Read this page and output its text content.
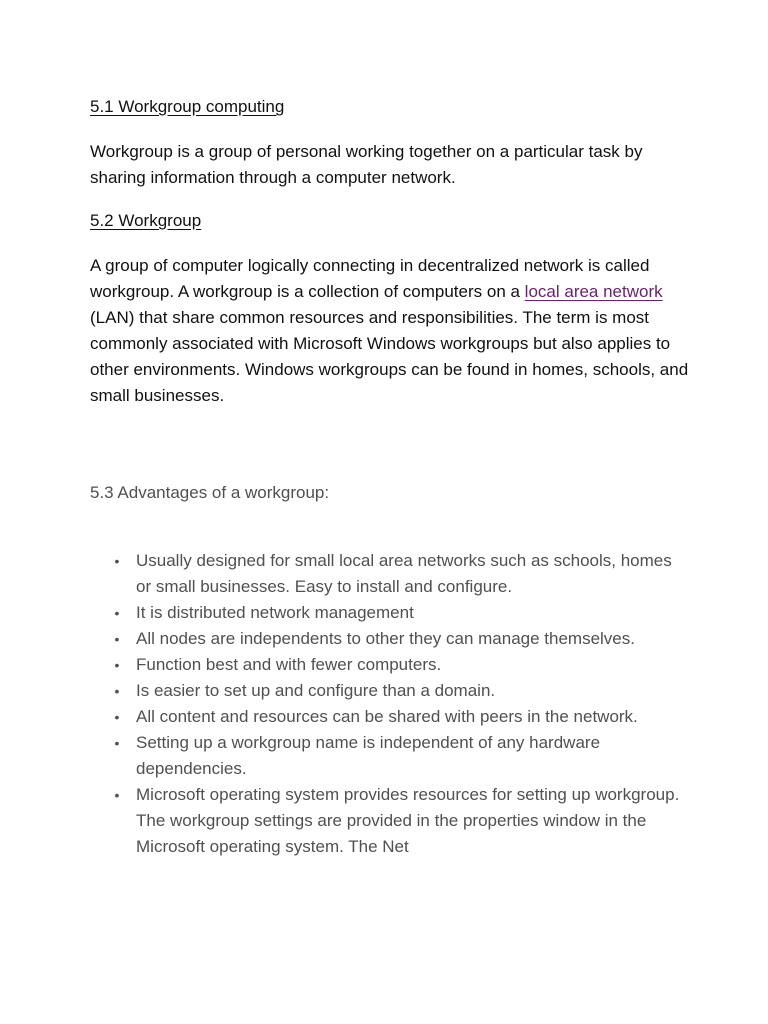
5.1 Workgroup computing

Workgroup is a group of personal working together on a particular task by sharing information through a computer network.

5.2 Workgroup

A group of computer logically connecting in decentralized network is called workgroup. A workgroup is a collection of computers on a local area network (LAN) that share common resources and responsibilities. The term is most commonly associated with Microsoft Windows workgroups but also applies to other environments. Windows workgroups can be found in homes, schools, and small businesses.

5.3 Advantages of a workgroup:
• Usually designed for small local area networks such as schools, homes or small businesses. Easy to install and configure.
• It is distributed network management
• All nodes are independents to other they can manage themselves.
• Function best and with fewer computers.
• Is easier to set up and configure than a domain.
• All content and resources can be shared with peers in the network.
• Setting up a workgroup name is independent of any hardware dependencies.
• Microsoft operating system provides resources for setting up workgroup. The workgroup settings are provided in the properties window in the Microsoft operating system. The Net
